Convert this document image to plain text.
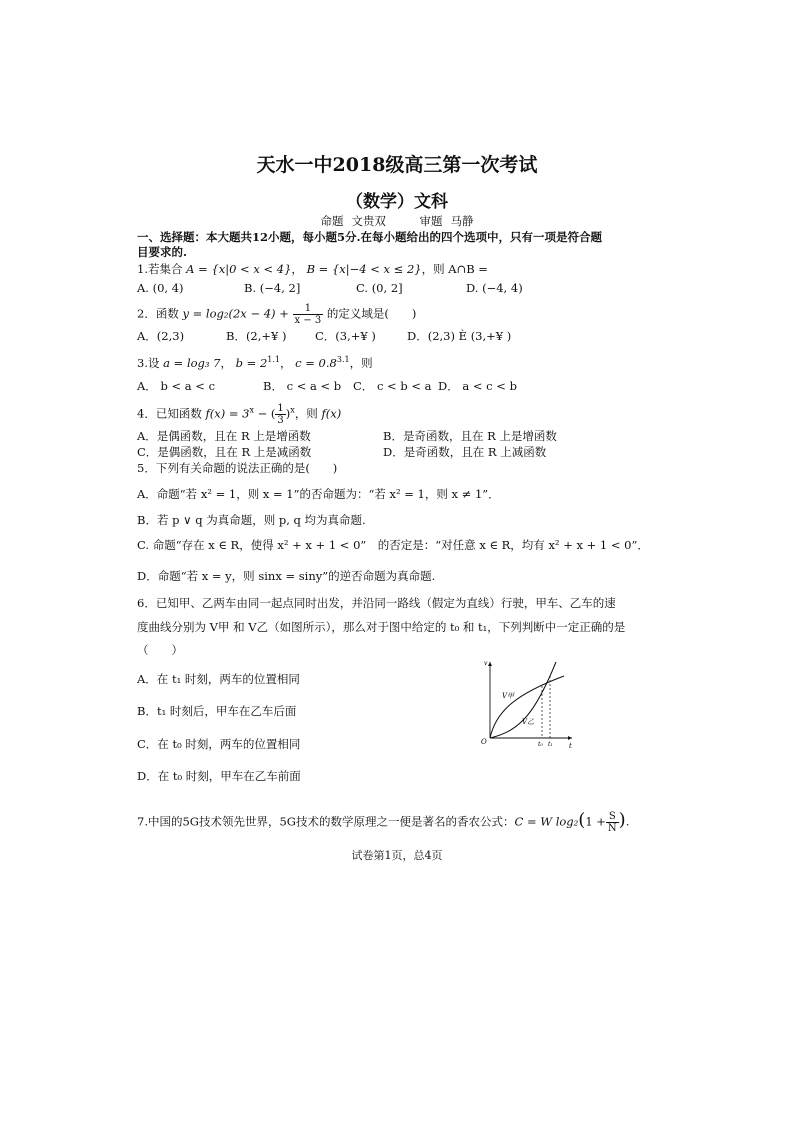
天水一中2018级高三第一次考试
（数学）文科
命题 文贵双	审题 马静
一、选择题：本大题共12小题，每小题5分.在每小题给出的四个选项中，只有一项是符合题
目要求的.
1.若集合 A = {x|0 < x < 4}， B = {x|−4 < x ≤ 2}，则 A∩B =
A. (0, 4)	B. (−4, 2]	C. (0, 2]	D. (−4, 4)
2．函数 $y = \log_2(2x - 4) + \frac{1}{x - 3}$ 的定义域是(　　)
A．(2,3)	B．(2,+¥ ) C．(3,+¥ )	D．(2,3) È (3,+¥ )
3.设 a = log₃ 7， $b = 2^{1.1}$， $c = 0.8^{3.1}$，则
A． b < a < c	B． c < a < b C． c < b < a D． a < c < b
4．已知函数 $f(x) = 3^x$ − ( $\frac{1}{3} )^x$，则 f(x)
A．是偶函数，且在 R 上是增函数	B．是奇函数，且在 R 上是增函数
C．是偶函数，且在 R 上是减函数	D．是奇函数，且在 R 上减函数
5．下列有关命题的说法正确的是(　　)
A．命题“若 x² = 1，则 x = 1”的否命题为：“若 x² = 1，则 x ≠ 1”．
B．若 p ∨ q 为真命题，则 p, q 均为真命题.
C. 命题“存在 x ∈ R，使得 x² + x + 1 < 0”　的否定是：“对任意 x ∈ R，均有 x² + x + 1 < 0”．
D．命题“若 x = y，则 sinx = siny”的逆否命题为真命题.
6．已知甲、乙两车由同一起点同时出发，并沿同一路线（假定为直线）行驶，甲车、乙车的速
度曲线分别为 V甲 和 V乙（如图所示），那么对于图中给定的 t₀ 和 t₁，下列判断中一定正确的是
（　　）
A．在 t₁ 时刻，两车的位置相同
B．t₁ 时刻后，甲车在乙车后面
C．在 t₀ 时刻，两车的位置相同
D．在 t₀ 时刻，甲车在乙车前面
v
V甲
V乙
O	t₀ t₁ t
7.中国的5G技术领先世界，5G技术的数学原理之一便是著名的香农公式：C = W $\log_2(1 + \frac{S}{N}$ ).
试卷第1页，总4页
